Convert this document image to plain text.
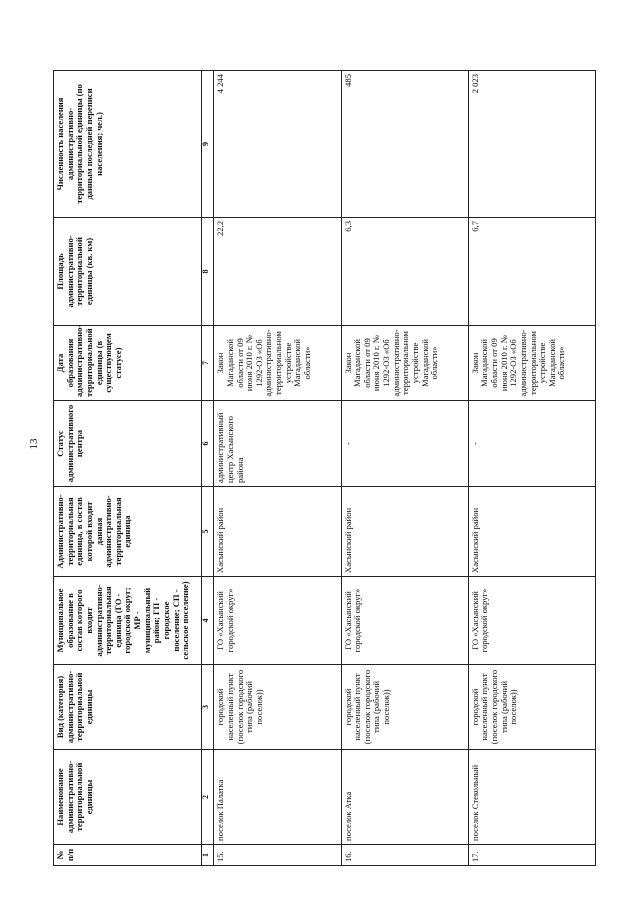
13
№ п/п	Наименование административно-территориальной единицы	Вид (категория) административно-территориальной единицы	Муниципальное образование в состав которого входит административно-территориальная единица (ГО - городской округ; МР - муниципальный район; ГП - городское поселение; СП - сельское поселение)	Административно-территориальная единица, в состав которой входит данная административно-территориальная единица	Статус административного центра	Дата образования административно-территориальной единицы (в существующем статусе)	Площадь административно-территориальной единицы (кв. км)	Численность населения административно-территориальной единицы (по данным последней переписи населения; чел.)
1	2	3	4	5	6	7	8	9
15.	поселок Палатка	городской населенный пункт (поселок городского типа (рабочий поселок))	ГО «Хасынский городской округ»	Хасынский район	административный центр Хасынского района	Закон Магаданской области от 09 июня 2010 г. № 1292-ОЗ «Об административно-территориальном устройстве Магаданской области»	22,2	4 244
16.	поселок Атка	городской населенный пункт (поселок городского типа (рабочий поселок))	ГО «Хасынский городской округ»	Хасынский район	-	Закон Магаданской области от 09 июня 2010 г. № 1292-ОЗ «Об административно-территориальном устройстве Магаданской области»	6,3	485
17.	поселок Стекольный	городской населенный пункт (поселок городского типа (рабочий поселок))	ГО «Хасынский городской округ»	Хасынский район	-	Закон Магаданской области от 09 июня 2010 г. № 1292-ОЗ «Об административно-территориальном устройстве Магаданской области»	6,7	2 023
